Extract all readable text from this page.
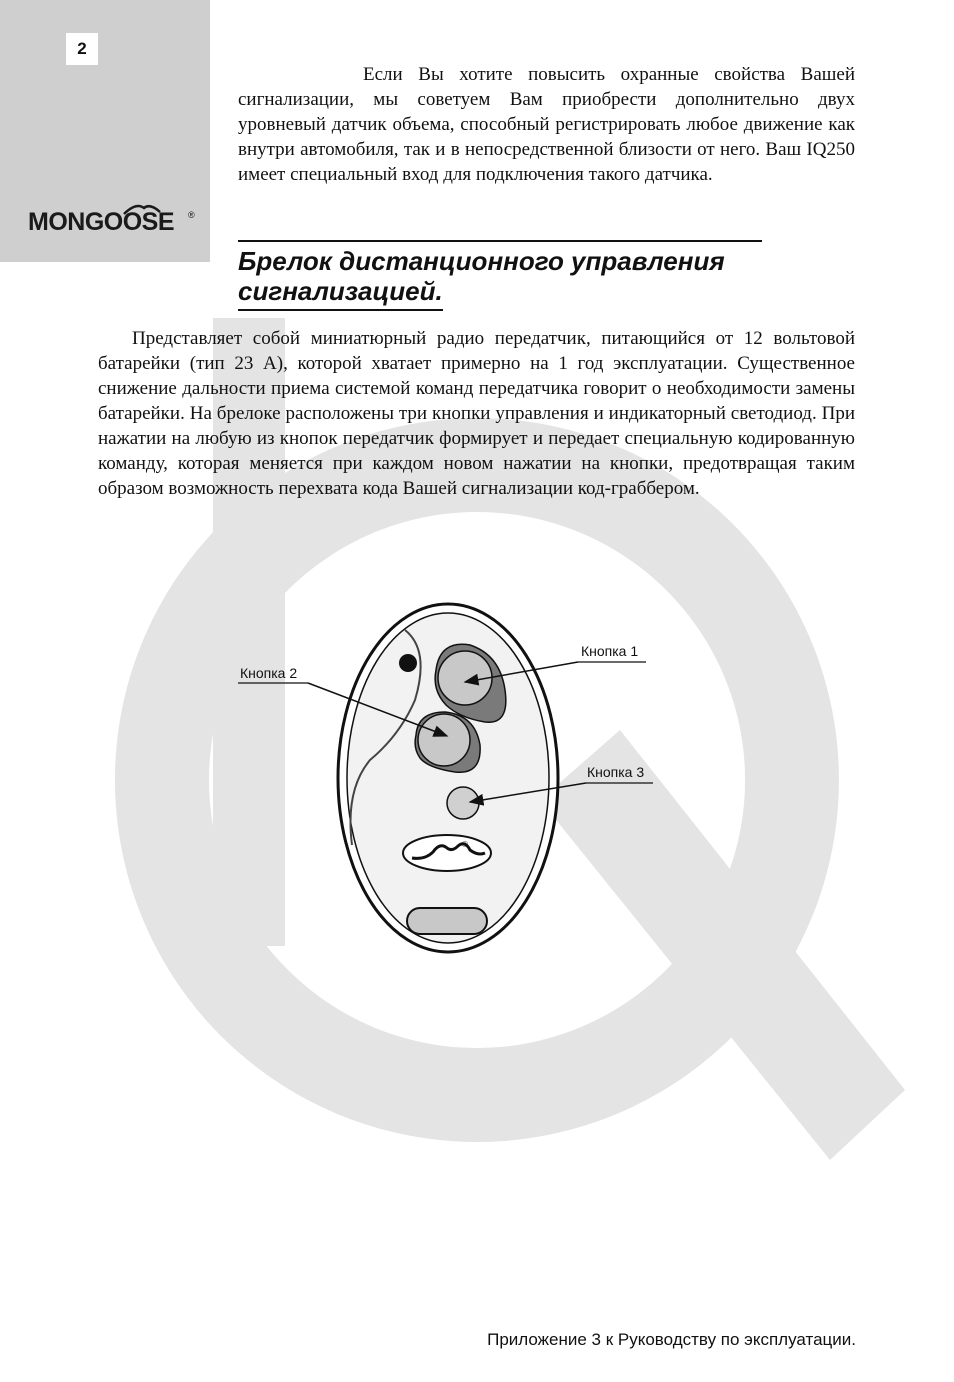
2
MONGOOSE ®

Если Вы хотите повысить охранные свойства Вашей сигнализации, мы советуем Вам приобрести дополнительно двух уровневый датчик объема, способный регистрировать любое движение как внутри автомобиля, так и в непосредственной близости от него. Ваш IQ250 имеет специальный вход для подключения такого датчика.

Брелок дистанционного управления
сигнализацией.

Представляет собой миниатюрный радио передатчик, питающийся от 12 вольтовой батарейки (тип 23 А), которой хватает примерно на 1 год эксплуатации. Существенное снижение дальности приема системой команд передатчика говорит о необходимости замены батарейки. На брелоке расположены три кнопки управления и индикаторный светодиод. При нажатии на любую из кнопок передатчик формирует и передает специальную кодированную команду, которая меняется при каждом новом нажатии на кнопки, предотвращая таким образом возможность перехвата кода Вашей сигнализации код-граббером.

Кнопка 1
Кнопка 2
Кнопка 3
®
Приложение 3 к Руководству по эксплуатации.
